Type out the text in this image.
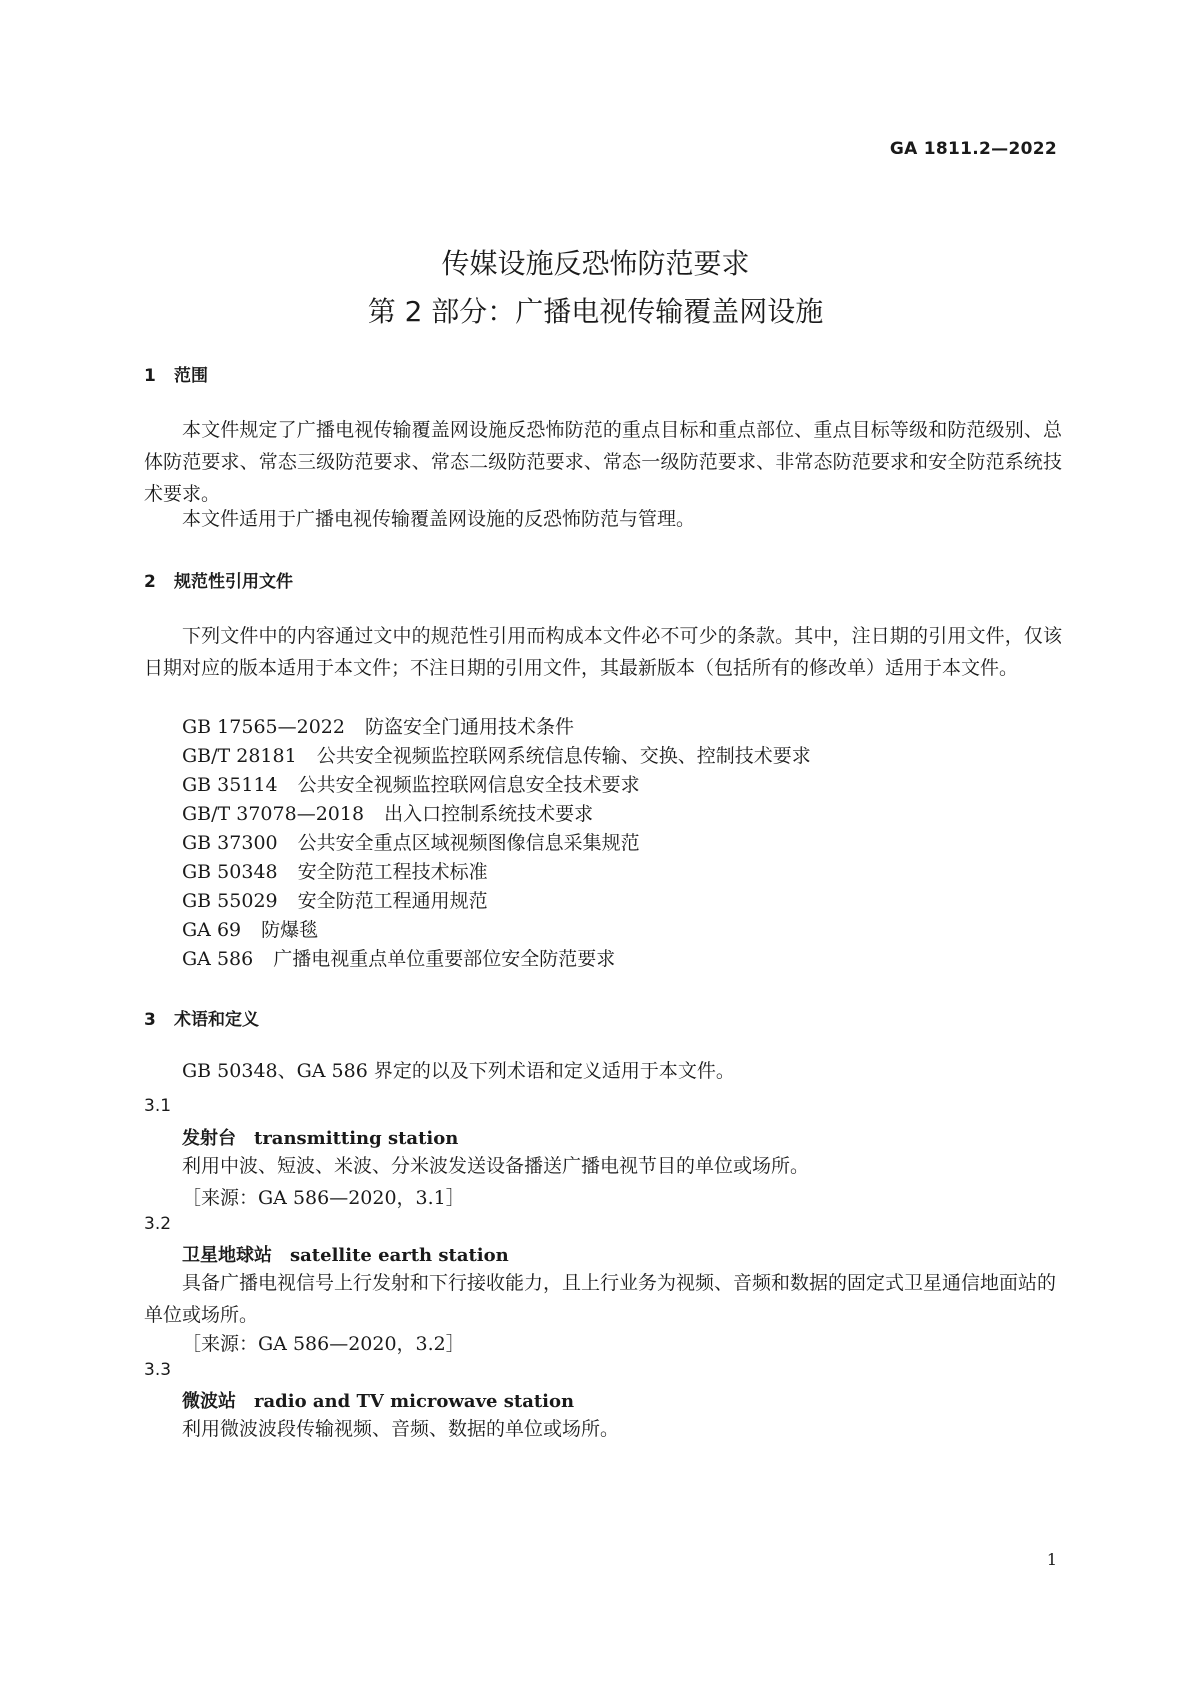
GA 1811.2—2022
传媒设施反恐怖防范要求
第 2 部分：广播电视传输覆盖网设施
1 范围
本文件规定了广播电视传输覆盖网设施反恐怖防范的重点目标和重点部位、重点目标等级和防范级别、总体防范要求、常态三级防范要求、常态二级防范要求、常态一级防范要求、非常态防范要求和安全防范系统技术要求。
本文件适用于广播电视传输覆盖网设施的反恐怖防范与管理。
2 规范性引用文件
下列文件中的内容通过文中的规范性引用而构成本文件必不可少的条款。其中，注日期的引用文件，仅该日期对应的版本适用于本文件；不注日期的引用文件，其最新版本（包括所有的修改单）适用于本文件。
GB 17565—2022 防盗安全门通用技术条件
GB/T 28181 公共安全视频监控联网系统信息传输、交换、控制技术要求
GB 35114 公共安全视频监控联网信息安全技术要求
GB/T 37078—2018 出入口控制系统技术要求
GB 37300 公共安全重点区域视频图像信息采集规范
GB 50348 安全防范工程技术标准
GB 55029 安全防范工程通用规范
GA 69 防爆毯
GA 586 广播电视重点单位重要部位安全防范要求
3 术语和定义
GB 50348、GA 586 界定的以及下列术语和定义适用于本文件。
3.1
发射台 transmitting station
利用中波、短波、米波、分米波发送设备播送广播电视节目的单位或场所。
［来源：GA 586—2020，3.1］
3.2
卫星地球站 satellite earth station
具备广播电视信号上行发射和下行接收能力，且上行业务为视频、音频和数据的固定式卫星通信地面站的单位或场所。
［来源：GA 586—2020，3.2］
3.3
微波站 radio and TV microwave station
利用微波波段传输视频、音频、数据的单位或场所。
1
